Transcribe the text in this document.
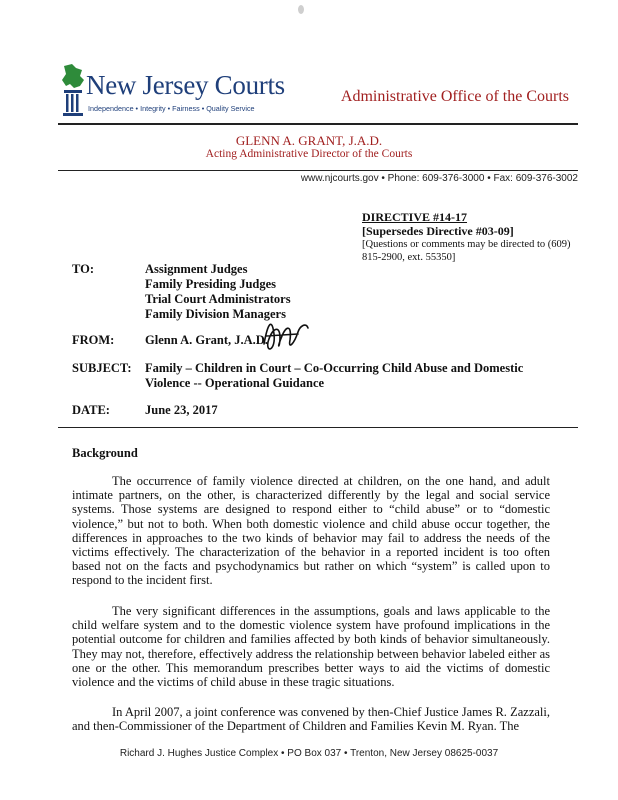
New Jersey Courts
Independence • Integrity • Fairness • Quality Service
Administrative Office of the Courts
GLENN A. GRANT, J.A.D.
Acting Administrative Director of the Courts
www.njcourts.gov • Phone: 609-376-3000 • Fax: 609-376-3002
DIRECTIVE #14-17
[Supersedes Directive #03-09]
[Questions or comments may be directed to (609) 815-2900, ext. 55350]
TO:	Assignment Judges
Family Presiding Judges
Trial Court Administrators
Family Division Managers
FROM: Glenn A. Grant, J.A.D.
SUBJECT: Family – Children in Court – Co-Occurring Child Abuse and Domestic Violence -- Operational Guidance
DATE:	June 23, 2017
Background
The occurrence of family violence directed at children, on the one hand, and adult intimate partners, on the other, is characterized differently by the legal and social service systems. Those systems are designed to respond either to “child abuse” or to “domestic violence,” but not to both. When both domestic violence and child abuse occur together, the differences in approaches to the two kinds of behavior may fail to address the needs of the victims effectively. The characterization of the behavior in a reported incident is too often based not on the facts and psychodynamics but rather on which “system” is called upon to respond to the incident first.
The very significant differences in the assumptions, goals and laws applicable to the child welfare system and to the domestic violence system have profound implications in the potential outcome for children and families affected by both kinds of behavior simultaneously. They may not, therefore, effectively address the relationship between behavior labeled either as one or the other. This memorandum prescribes better ways to aid the victims of domestic violence and the victims of child abuse in these tragic situations.
In April 2007, a joint conference was convened by then-Chief Justice James R. Zazzali, and then-Commissioner of the Department of Children and Families Kevin M. Ryan. The
Richard J. Hughes Justice Complex • PO Box 037 • Trenton, New Jersey 08625-0037
